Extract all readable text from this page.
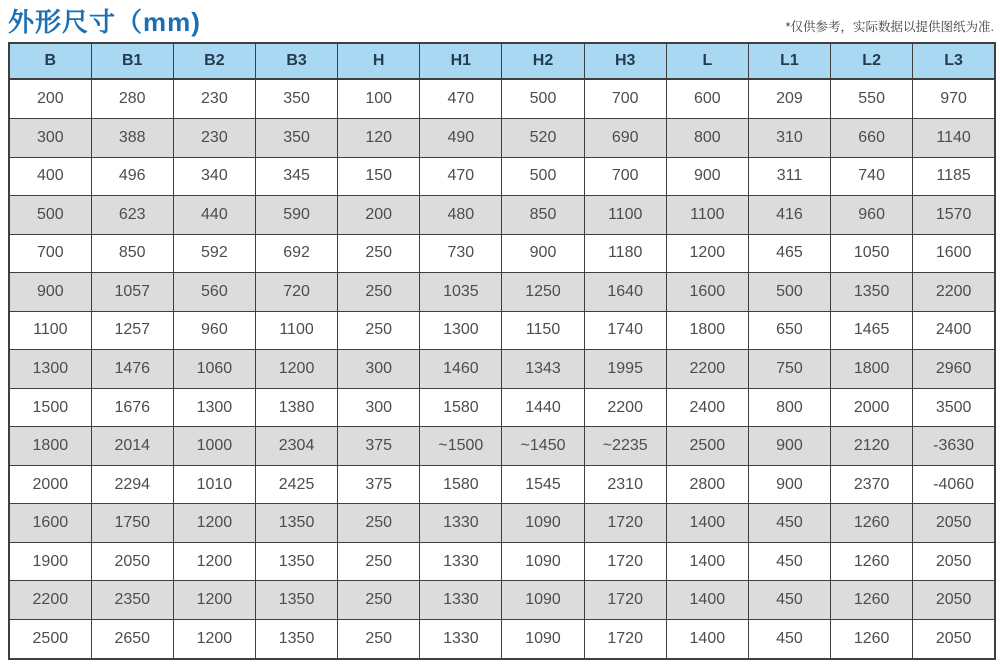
外形尺寸（mm)	*仅供参考，实际数据以提供图纸为准.
B	B1	B2	B3	H	H1	H2	H3	L	L1	L2	L3
200	280	230	350	100	470	500	700	600	209	550	970
300	388	230	350	120	490	520	690	800	310	660	1140
400	496	340	345	150	470	500	700	900	311	740	1185
500	623	440	590	200	480	850	1100	1100	416	960	1570
700	850	592	692	250	730	900	1180	1200	465	1050	1600
900	1057	560	720	250	1035	1250	1640	1600	500	1350	2200
1100	1257	960	1100	250	1300	1150	1740	1800	650	1465	2400
1300	1476	1060	1200	300	1460	1343	1995	2200	750	1800	2960
1500	1676	1300	1380	300	1580	1440	2200	2400	800	2000	3500
1800	2014	1000	2304	375	~1500	~1450	~2235	2500	900	2120	-3630
2000	2294	1010	2425	375	1580	1545	2310	2800	900	2370	-4060
1600	1750	1200	1350	250	1330	1090	1720	1400	450	1260	2050
1900	2050	1200	1350	250	1330	1090	1720	1400	450	1260	2050
2200	2350	1200	1350	250	1330	1090	1720	1400	450	1260	2050
2500	2650	1200	1350	250	1330	1090	1720	1400	450	1260	2050
